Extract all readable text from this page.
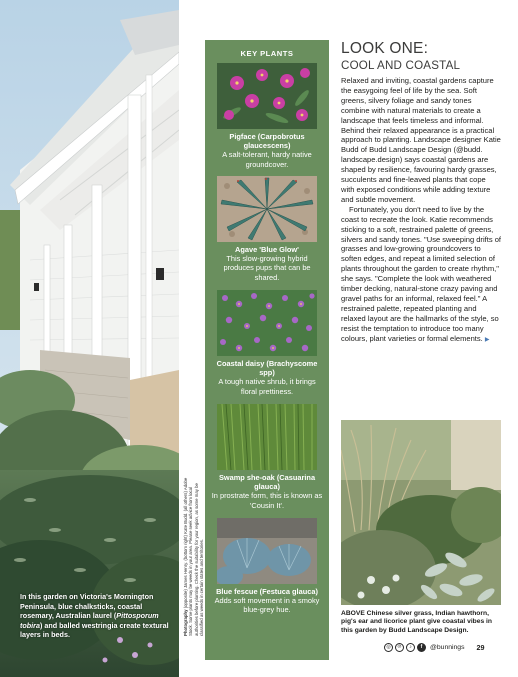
In this garden on Victoria's Mornington Peninsula, blue chalksticks, coastal rosemary, Australian laurel (Pittosporum tobira) and balled westringia create textural layers in beds.	Photography (opposite) James Henry. (bottom right) Kate Budd. (all others) Adobe Stock. Some plants may be weeds in your area. Please seek advice from local authorities before planting. Check the suitability for your region, as some may be classified as weeds in certain states and territories.
KEY PLANTS
Pigface (Carpobrotus glaucescens)
A salt-tolerant, hardy native groundcover.
Agave 'Blue Glow'
This slow-growing hybrid produces pups that can be shared.
Coastal daisy (Brachyscome spp)
A tough native shrub, it brings floral prettiness.
Swamp she-oak (Casuarina glauca)
In prostrate form, this is known as 'Cousin It'.
Blue fescue (Festuca glauca)
Adds soft movement in a smoky blue-grey hue.
LOOK ONE:
COOL AND COASTAL

Relaxed and inviting, coastal gardens capture the easygoing feel of life by the sea. Soft greens, silvery foliage and sandy tones combine with natural materials to create a landscape that feels timeless and informal. Behind their relaxed appearance is a practical approach to planting. Landscape designer Katie Budd of Budd Landscape Design (@budd. landscape.design) says coastal gardens are shaped by resilience, favouring hardy grasses, succulents and fine-leaved plants that cope with exposed conditions while adding texture and subtle movement.

Fortunately, you don't need to live by the coast to recreate the look. Katie recommends sticking to a soft, restrained palette of greens, silvers and sandy tones. "Use sweeping drifts of grasses and low-growing groundcovers to soften edges, and repeat a limited selection of plants throughout the garden to create rhythm," she says. "Complete the look with weathered timber decking, natural-stone crazy paving and gravel paths for an informal, relaxed feel." A restrained palette, repeated planting and relaxed layout are the hallmarks of the style, so resist the temptation to introduce too many colours, plant varieties or formal elements. ▶

ABOVE Chinese silver grass, Indian hawthorn, pig's ear and licorice plant give coastal vibes in this garden by Budd Landscape Design.
◎	℗	♪	f	@bunnings 29
